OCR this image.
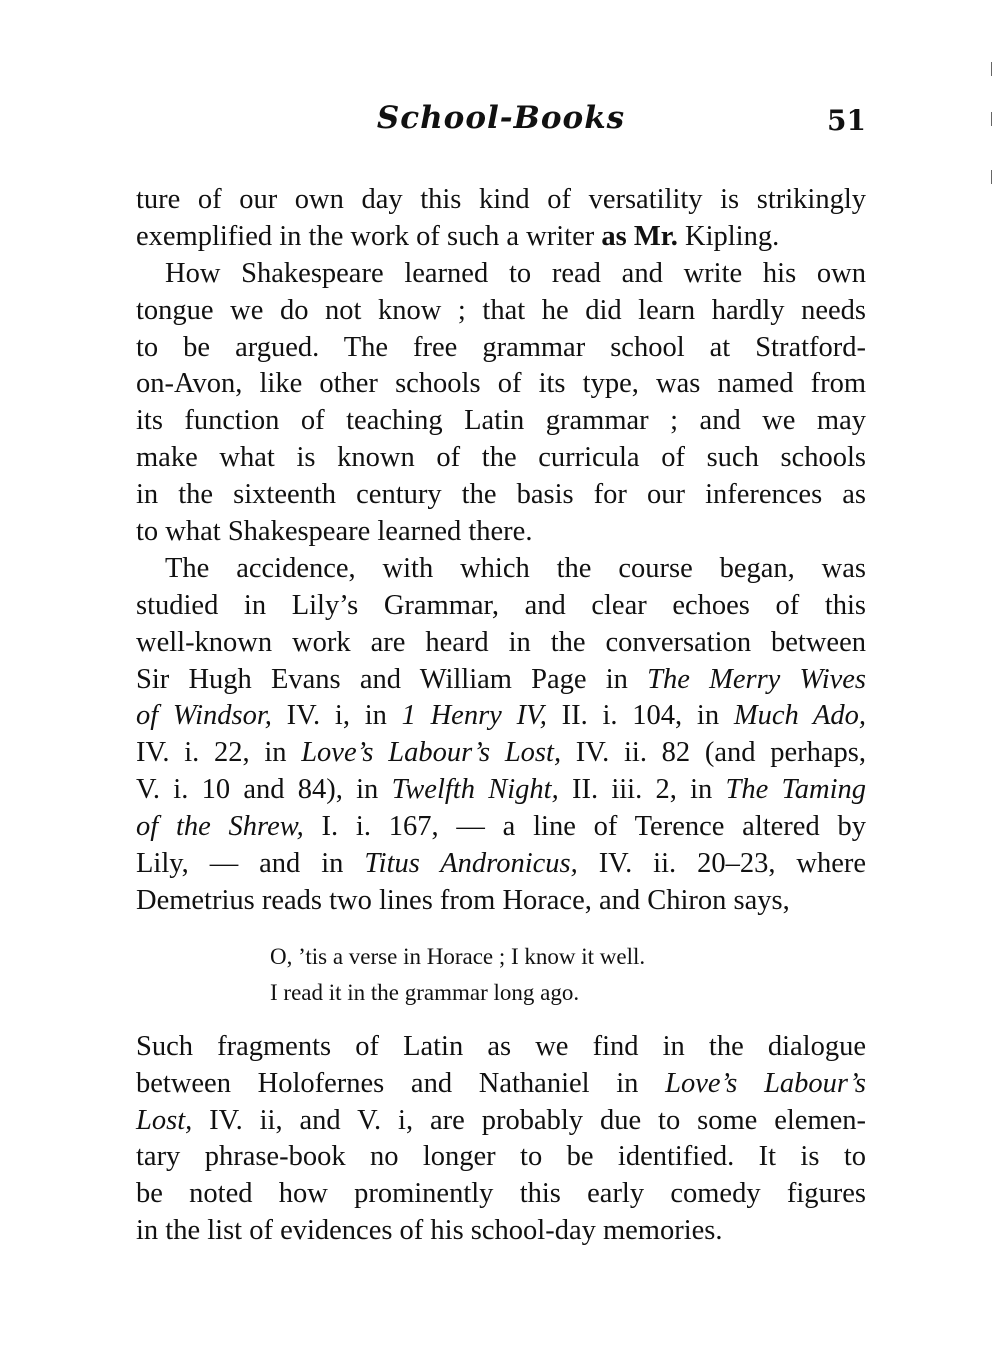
School-Books	51
ture of our own day this kind of versatility is strikingly
exemplified in the work of such a writer as Mr. Kipling.
How Shakespeare learned to read and write his own
tongue we do not know ; that he did learn hardly needs
to be argued. The free grammar school at Stratford-
on-Avon, like other schools of its type, was named from
its function of teaching Latin grammar ; and we may
make what is known of the curricula of such schools
in the sixteenth century the basis for our inferences as
to what Shakespeare learned there.
The accidence, with which the course began, was
studied in Lily’s Grammar, and clear echoes of this
well-known work are heard in the conversation between
Sir Hugh Evans and William Page in The Merry Wives
of Windsor, IV. i, in 1 Henry IV, II. i. 104, in Much Ado,
IV. i. 22, in Love’s Labour’s Lost, IV. ii. 82 (and perhaps,
V. i. 10 and 84), in Twelfth Night, II. iii. 2, in The Taming
of the Shrew, I. i. 167, — a line of Terence altered by
Lily, — and in Titus Andronicus, IV. ii. 20–23, where
Demetrius reads two lines from Horace, and Chiron says,
O, ’tis a verse in Horace ; I know it well.
I read it in the grammar long ago.
Such fragments of Latin as we find in the dialogue
between Holofernes and Nathaniel in Love’s Labour’s
Lost, IV. ii, and V. i, are probably due to some elemen-
tary phrase-book no longer to be identified. It is to
be noted how prominently this early comedy figures
in the list of evidences of his school-day memories.
